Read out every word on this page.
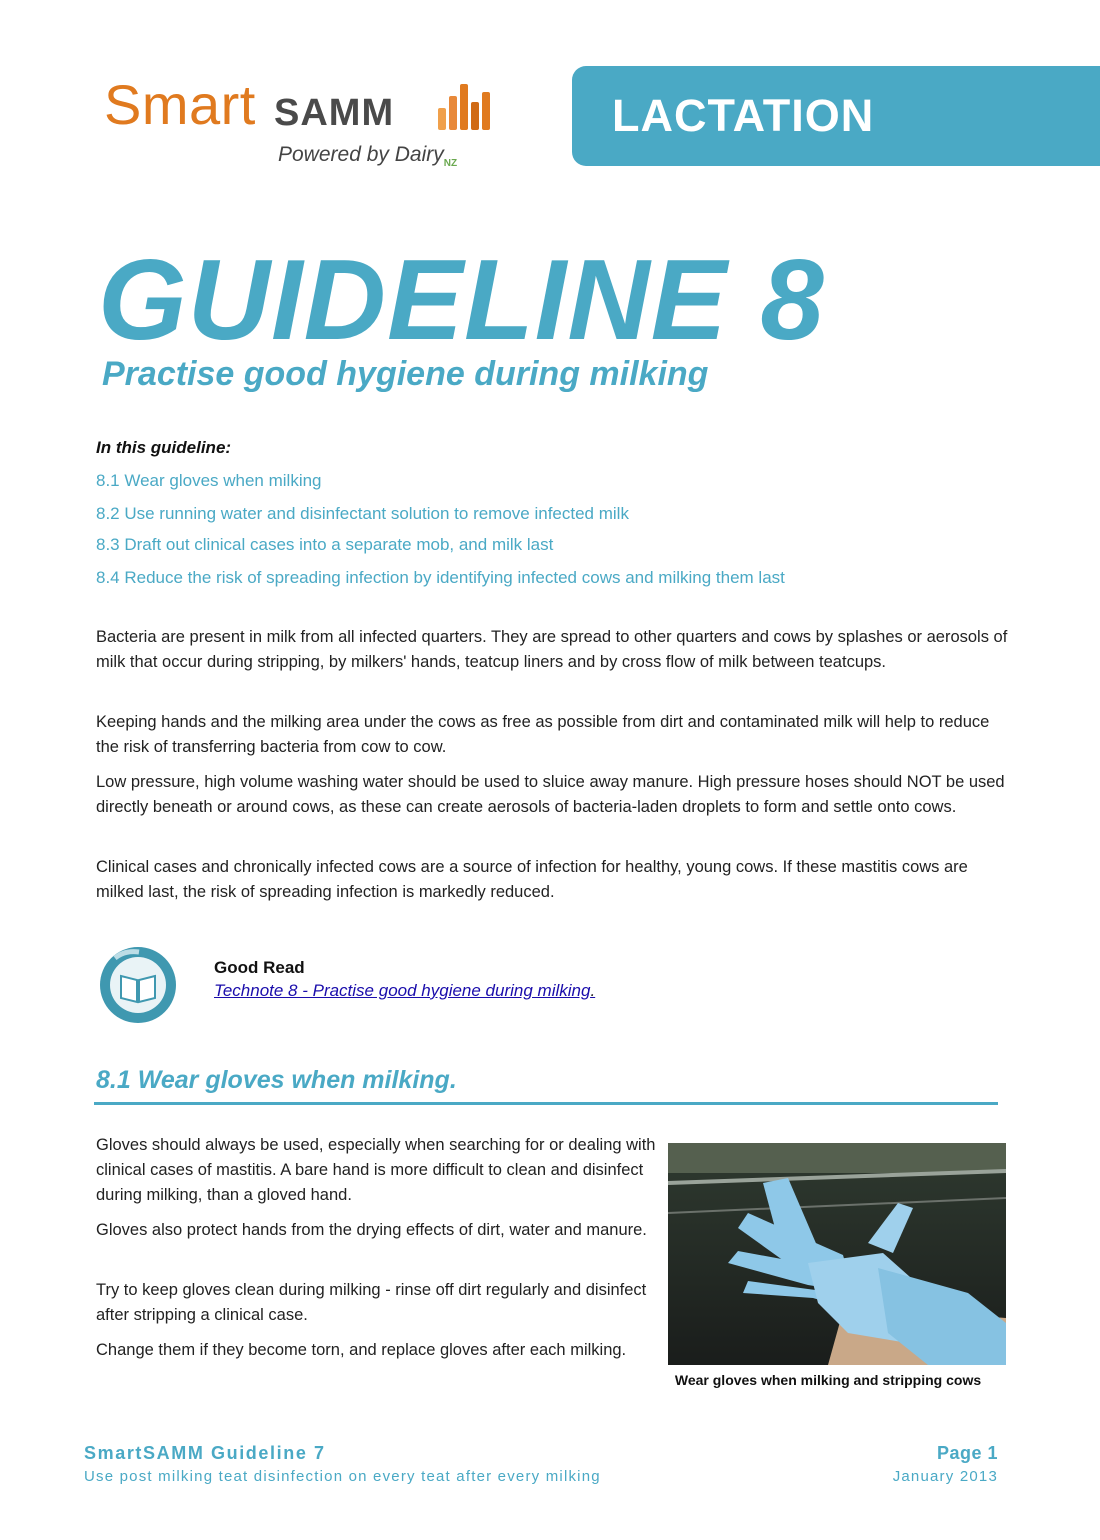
Smart SAMM
Powered by Dairy$_{NZ}$
LACTATION
GUIDELINE 8
Practise good hygiene during milking
In this guideline:
8.1 Wear gloves when milking
8.2 Use running water and disinfectant solution to remove infected milk
8.3 Draft out clinical cases into a separate mob, and milk last
8.4 Reduce the risk of spreading infection by identifying infected cows and milking them last

Bacteria are present in milk from all infected quarters. They are spread to other quarters and cows by splashes or aerosols of milk that occur during stripping, by milkers' hands, teatcup liners and by cross flow of milk between teatcups.

Keeping hands and the milking area under the cows as free as possible from dirt and contaminated milk will help to reduce the risk of transferring bacteria from cow to cow.

Low pressure, high volume washing water should be used to sluice away manure. High pressure hoses should NOT be used directly beneath or around cows, as these can create aerosols of bacteria-laden droplets to form and settle onto cows.

Clinical cases and chronically infected cows are a source of infection for healthy, young cows. If these mastitis cows are milked last, the risk of spreading infection is markedly reduced.

Good Read
Technote 8 - Practise good hygiene during milking.
8.1 Wear gloves when milking.

Gloves should always be used, especially when searching for or dealing with clinical cases of mastitis. A bare hand is more difficult to clean and disinfect during milking, than a gloved hand.

Gloves also protect hands from the drying effects of dirt, water and manure.

Try to keep gloves clean during milking - rinse off dirt regularly and disinfect after stripping a clinical case.

Change them if they become torn, and replace gloves after each milking.

Wear gloves when milking and stripping cows
SmartSAMM Guideline 7
Use post milking teat disinfection on every teat after every milking
Page 1
January 2013
